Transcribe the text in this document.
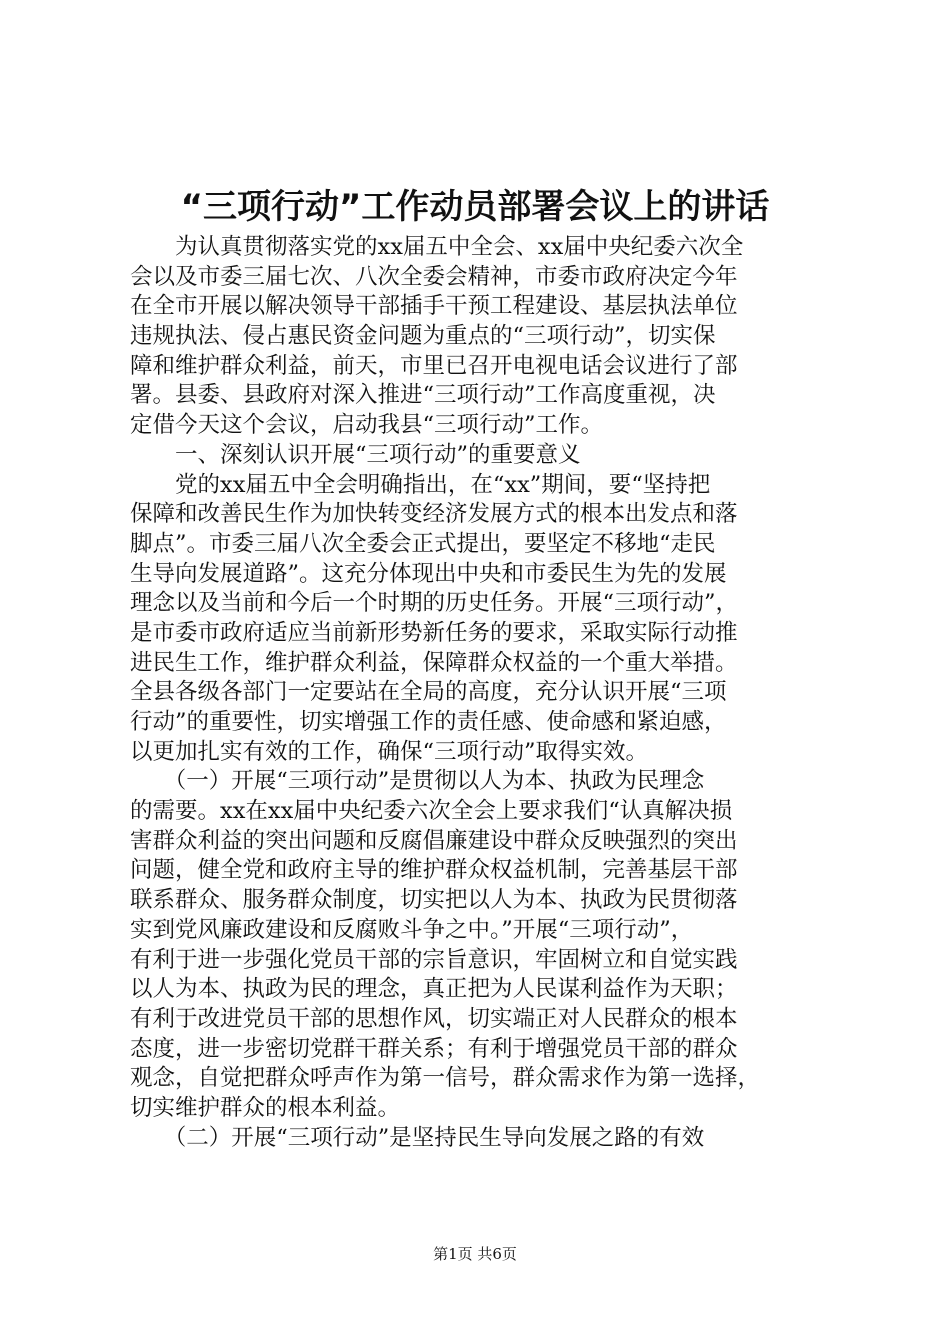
“三项行动”工作动员部署会议上的讲话
　　为认真贯彻落实党的xx届五中全会、xx届中央纪委六次全
会以及市委三届七次、八次全委会精神，市委市政府决定今年
在全市开展以解决领导干部插手干预工程建设、基层执法单位
违规执法、侵占惠民资金问题为重点的“三项行动”，切实保
障和维护群众利益，前天，市里已召开电视电话会议进行了部
署。县委、县政府对深入推进“三项行动”工作高度重视，决
定借今天这个会议，启动我县“三项行动”工作。
　　一、深刻认识开展“三项行动”的重要意义
　　党的xx届五中全会明确指出，在“xx”期间，要“坚持把
保障和改善民生作为加快转变经济发展方式的根本出发点和落
脚点”。市委三届八次全委会正式提出，要坚定不移地“走民
生导向发展道路”。这充分体现出中央和市委民生为先的发展
理念以及当前和今后一个时期的历史任务。开展“三项行动”，
是市委市政府适应当前新形势新任务的要求，采取实际行动推
进民生工作，维护群众利益，保障群众权益的一个重大举措。
全县各级各部门一定要站在全局的高度，充分认识开展“三项
行动”的重要性，切实增强工作的责任感、使命感和紧迫感，
以更加扎实有效的工作，确保“三项行动”取得实效。
　　（一）开展“三项行动”是贯彻以人为本、执政为民理念
的需要。xx在xx届中央纪委六次全会上要求我们“认真解决损
害群众利益的突出问题和反腐倡廉建设中群众反映强烈的突出
问题，健全党和政府主导的维护群众权益机制，完善基层干部
联系群众、服务群众制度，切实把以人为本、执政为民贯彻落
实到党风廉政建设和反腐败斗争之中。”开展“三项行动”，
有利于进一步强化党员干部的宗旨意识，牢固树立和自觉实践
以人为本、执政为民的理念，真正把为人民谋利益作为天职；
有利于改进党员干部的思想作风，切实端正对人民群众的根本
态度，进一步密切党群干群关系；有利于增强党员干部的群众
观念，自觉把群众呼声作为第一信号，群众需求作为第一选择，
切实维护群众的根本利益。
　　（二）开展“三项行动”是坚持民生导向发展之路的有效
第1页 共6页
